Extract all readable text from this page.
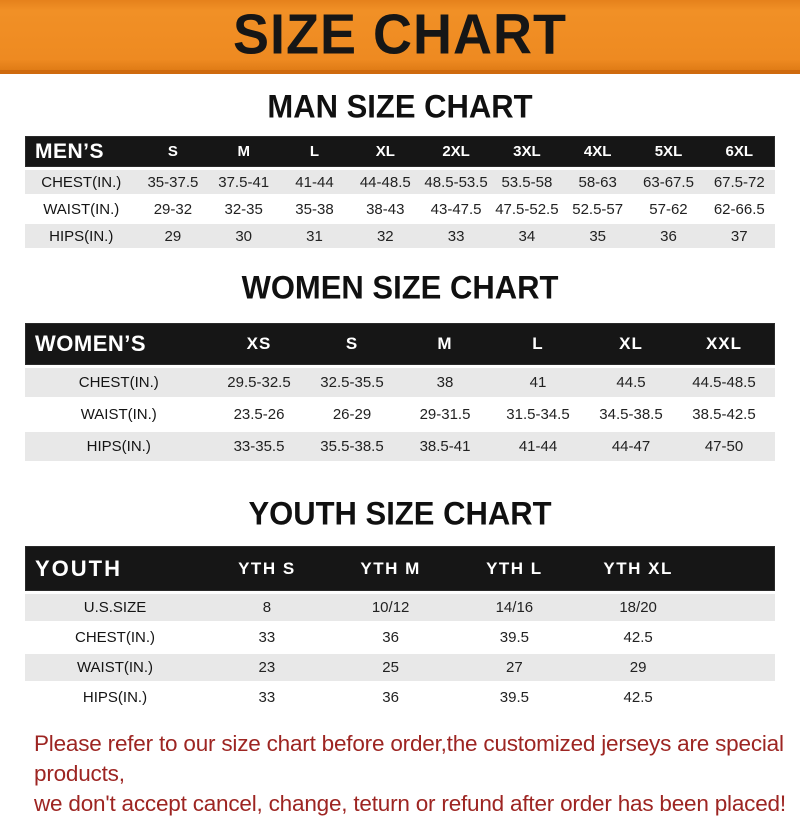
SIZE CHART
MAN SIZE CHART
MEN’S	S	M	L	XL	2XL	3XL	4XL	5XL	6XL
CHEST(IN.)	35-37.5	37.5-41	41-44	44-48.5 48.5-53.5 53.5-58	58-63	63-67.5	67.5-72
WAIST(IN.)	29-32	32-35	35-38	38-43	43-47.5 47.5-52.5 52.5-57	57-62	62-66.5
HIPS(IN.)	29	30	31	32	33	34	35	36	37
WOMEN SIZE CHART
WOMEN’S	XS	S	M	L	XL	XXL
CHEST(IN.)	29.5-32.5	32.5-35.5	38	41	44.5	44.5-48.5
WAIST(IN.)	23.5-26	26-29	29-31.5	31.5-34.5	34.5-38.5	38.5-42.5
HIPS(IN.)	33-35.5	35.5-38.5	38.5-41	41-44	44-47	47-50
YOUTH SIZE CHART
YOUTH	YTH S	YTH M	YTH L	YTH XL
U.S.SIZE	8	10/12	14/16	18/20
CHEST(IN.)	33	36	39.5	42.5
WAIST(IN.)	23	25	27	29
HIPS(IN.)	33	36	39.5	42.5
Please refer to our size chart before order,the customized jerseys are special products,
we don't accept cancel, change, teturn or refund after order has been placed!
